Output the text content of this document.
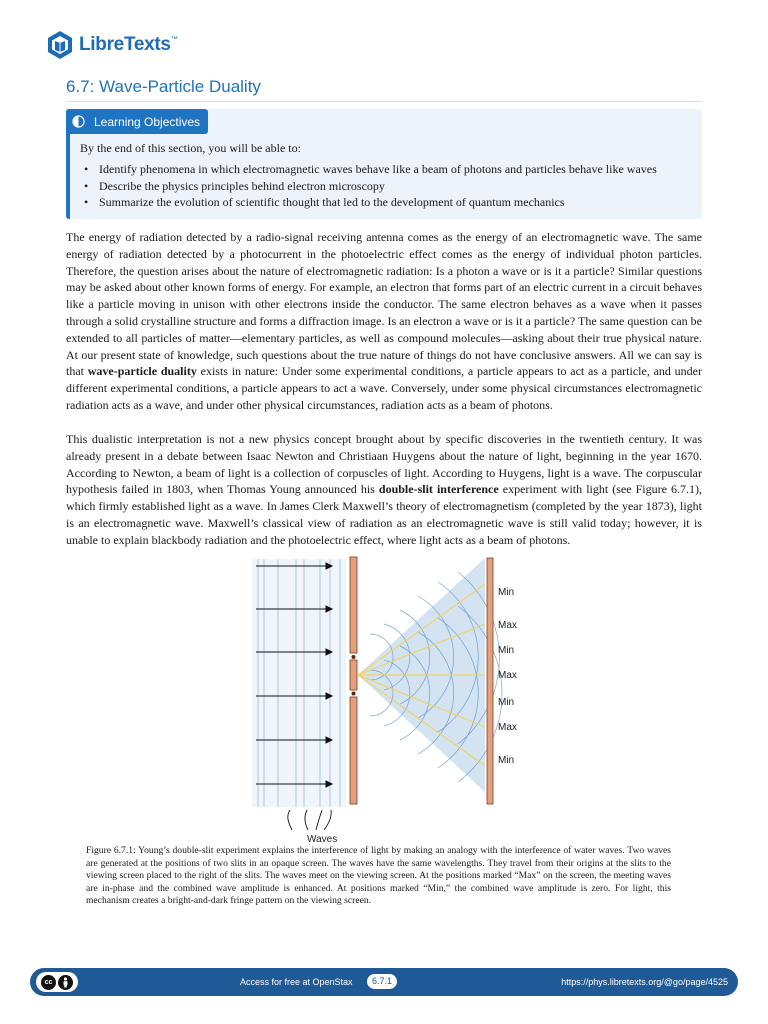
LibreTexts™
6.7: Wave-Particle Duality
Learning Objectives

By the end of this section, you will be able to:

• Identify phenomena in which electromagnetic waves behave like a beam of photons and particles behave like waves
• Describe the physics principles behind electron microscopy
• Summarize the evolution of scientific thought that led to the development of quantum mechanics

The energy of radiation detected by a radio-signal receiving antenna comes as the energy of an electromagnetic wave. The same energy of radiation detected by a photocurrent in the photoelectric effect comes as the energy of individual photon particles. Therefore, the question arises about the nature of electromagnetic radiation: Is a photon a wave or is it a particle? Similar questions may be asked about other known forms of energy. For example, an electron that forms part of an electric current in a circuit behaves like a particle moving in unison with other electrons inside the conductor. The same electron behaves as a wave when it passes through a solid crystalline structure and forms a diffraction image. Is an electron a wave or is it a particle? The same question can be extended to all particles of matter—elementary particles, as well as compound molecules—asking about their true physical nature. At our present state of knowledge, such questions about the true nature of things do not have conclusive answers. All we can say is that wave-particle duality exists in nature: Under some experimental conditions, a particle appears to act as a particle, and under different experimental conditions, a particle appears to act a wave. Conversely, under some physical circumstances electromagnetic radiation acts as a wave, and under other physical circumstances, radiation acts as a beam of photons.

This dualistic interpretation is not a new physics concept brought about by specific discoveries in the twentieth century. It was already present in a debate between Isaac Newton and Christiaan Huygens about the nature of light, beginning in the year 1670. According to Newton, a beam of light is a collection of corpuscles of light. According to Huygens, light is a wave. The corpuscular hypothesis failed in 1803, when Thomas Young announced his double-slit interference experiment with light (see Figure 6.7.1), which firmly established light as a wave. In James Clerk Maxwell’s theory of electromagnetism (completed by the year 1873), light is an electromagnetic wave. Maxwell’s classical view of radiation as an electromagnetic wave is still valid today; however, it is unable to explain blackbody radiation and the photoelectric effect, where light acts as a beam of photons.

Waves
Min
Max
Min
Max
Min
Max
Min

Figure 6.7.1: Young’s double-slit experiment explains the interference of light by making an analogy with the interference of water waves. Two waves are generated at the positions of two slits in an opaque screen. The waves have the same wavelengths. They travel from their origins at the slits to the viewing screen placed to the right of the slits. The waves meet on the viewing screen. At the positions marked “Max” on the screen, the meeting waves are in-phase and the combined wave amplitude is enhanced. At positions marked “Min,” the combined wave amplitude is zero. For light, this mechanism creates a bright-and-dark fringe pattern on the viewing screen.

cc	Access for free at OpenStax	6.7.1	https://phys.libretexts.org/@go/page/4525
